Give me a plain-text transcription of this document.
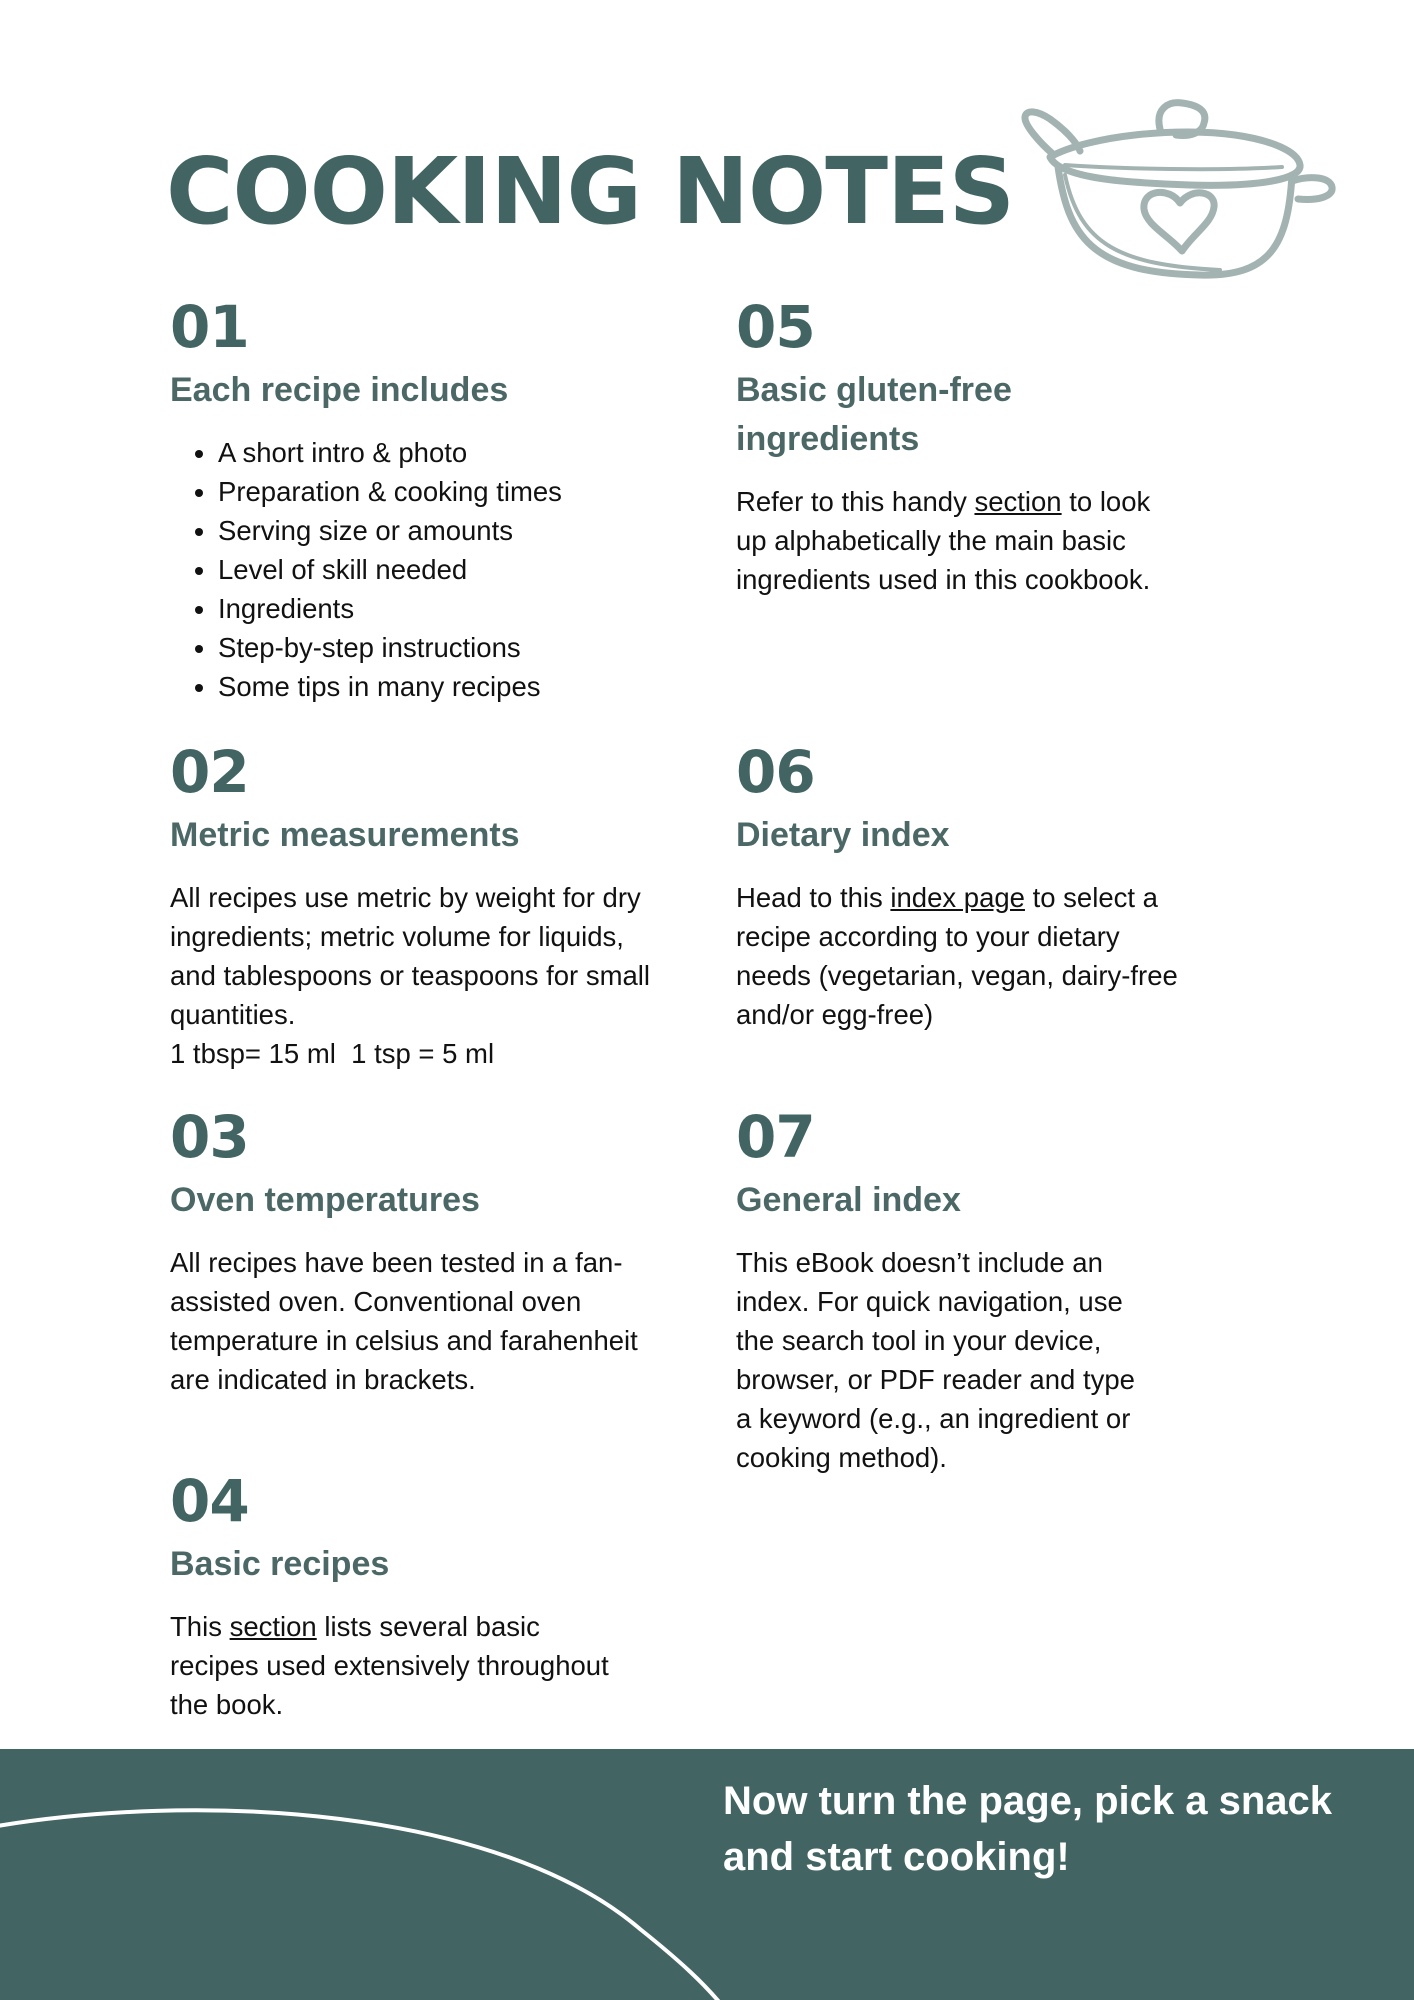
COOKING NOTES
01
Each recipe includes
• A short intro & photo
• Preparation & cooking times
• Serving size or amounts
• Level of skill needed
• Ingredients
• Step-by-step instructions
• Some tips in many recipes
02
Metric measurements

All recipes use metric by weight for dry ingredients; metric volume for liquids, and tablespoons or teaspoons for small quantities.

1 tbsp= 15 ml  1 tsp = 5 ml

03
Oven temperatures

All recipes have been tested in a fan-assisted oven. Conventional oven temperature in celsius and farahenheit are indicated in brackets.

04
Basic recipes

This section lists several basic recipes used extensively throughout the book.

05
Basic gluten-free ingredients

Refer to this handy section to look up alphabetically the main basic ingredients used in this cookbook.

06
Dietary index

Head to this index page to select a recipe according to your dietary needs (vegetarian, vegan, dairy-free and/or egg-free)

07
General index

This eBook doesn’t include an index. For quick navigation, use the search tool in your device, browser, or PDF reader and type a keyword (e.g., an ingredient or cooking method).

Now turn the page, pick a snack and start cooking!
